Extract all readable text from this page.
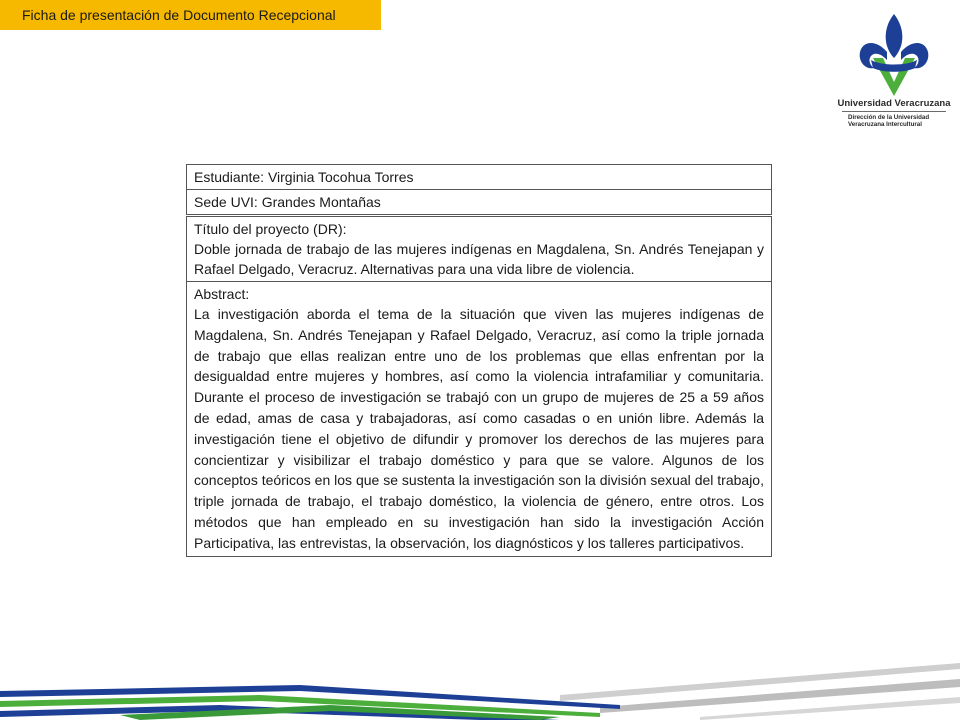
Ficha de presentación de Documento Recepcional
Universidad Veracruzana
Dirección de la Universidad
Veracruzana Intercultural
Estudiante: Virginia Tocohua Torres
Sede UVI: Grandes Montañas
Título del proyecto (DR):
Doble jornada de trabajo de las mujeres indígenas en Magdalena, Sn. Andrés Tenejapan y Rafael Delgado, Veracruz. Alternativas para una vida libre de violencia.
Abstract:
La investigación aborda el tema de la situación que viven las mujeres indígenas de Magdalena, Sn. Andrés Tenejapan y Rafael Delgado, Veracruz, así como la triple jornada de trabajo que ellas realizan entre uno de los problemas que ellas enfrentan por la desigualdad entre mujeres y hombres, así como la violencia intrafamiliar y comunitaria. Durante el proceso de investigación se trabajó con un grupo de mujeres de 25 a 59 años de edad, amas de casa y trabajadoras, así como casadas o en unión libre. Además la investigación tiene el objetivo de difundir y promover los derechos de las mujeres para concientizar y visibilizar el trabajo doméstico y para que se valore. Algunos de los conceptos teóricos en los que se sustenta la investigación son la división sexual del trabajo, triple jornada de trabajo, el trabajo doméstico, la violencia de género, entre otros. Los métodos que han empleado en su investigación han sido la investigación Acción Participativa, las entrevistas, la observación, los diagnósticos y los talleres participativos.
